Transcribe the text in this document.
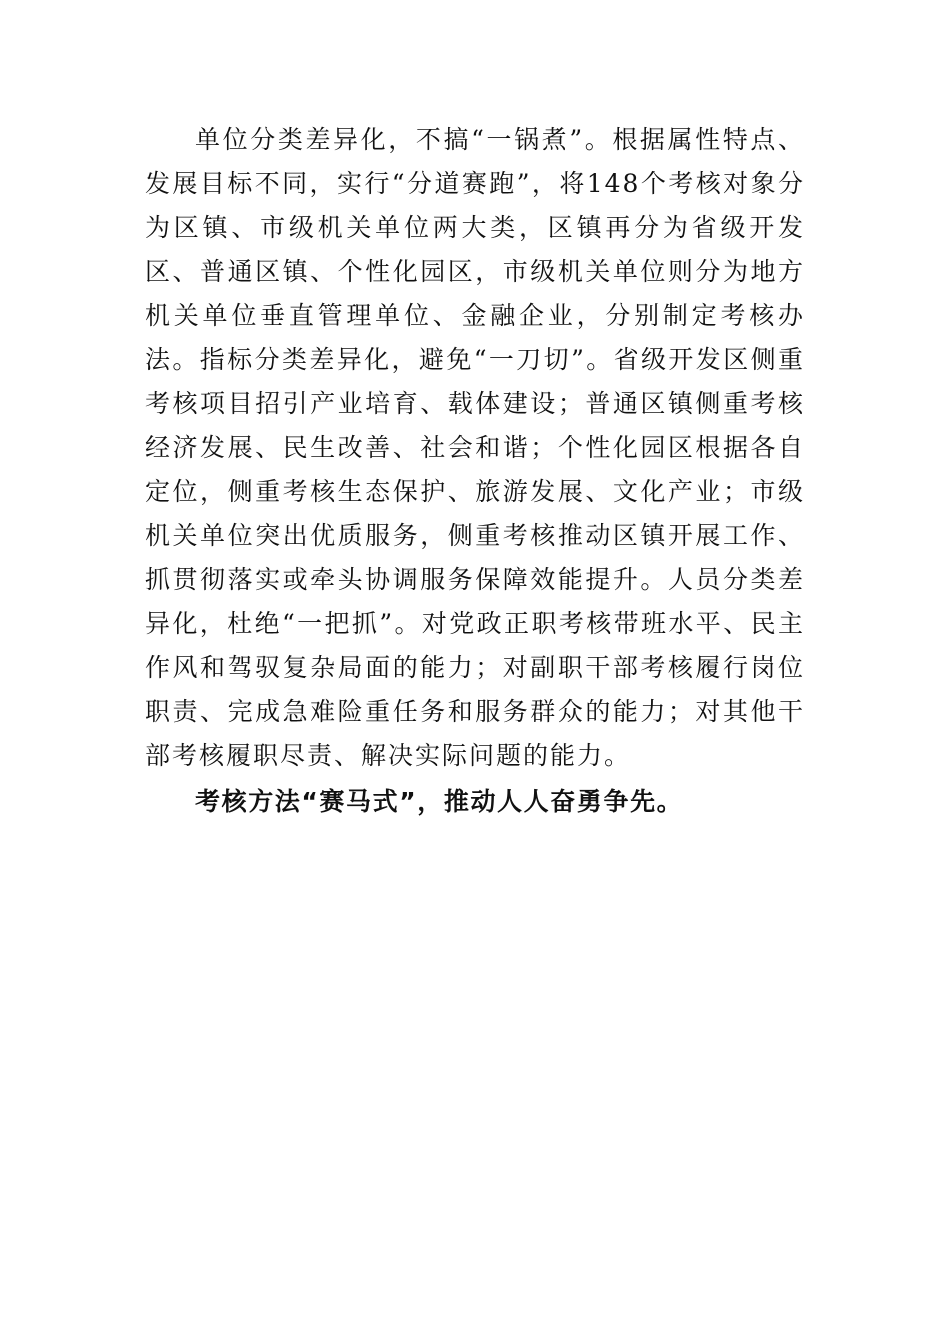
单位分类差异化，不搞“一锅煮”。根据属性特点、发展目标不同，实行“分道赛跑”，将148个考核对象分为区镇、市级机关单位两大类，区镇再分为省级开发区、普通区镇、个性化园区，市级机关单位则分为地方机关单位垂直管理单位、金融企业，分别制定考核办法。指标分类差异化，避免“一刀切”。省级开发区侧重考核项目招引产业培育、载体建设；普通区镇侧重考核经济发展、民生改善、社会和谐；个性化园区根据各自定位，侧重考核生态保护、旅游发展、文化产业；市级机关单位突出优质服务，侧重考核推动区镇开展工作、抓贯彻落实或牵头协调服务保障效能提升。人员分类差异化，杜绝“一把抓”。对党政正职考核带班水平、民主作风和驾驭复杂局面的能力；对副职干部考核履行岗位职责、完成急难险重任务和服务群众的能力；对其他干部考核履职尽责、解决实际问题的能力。

考核方法“赛马式”，推动人人奋勇争先。
